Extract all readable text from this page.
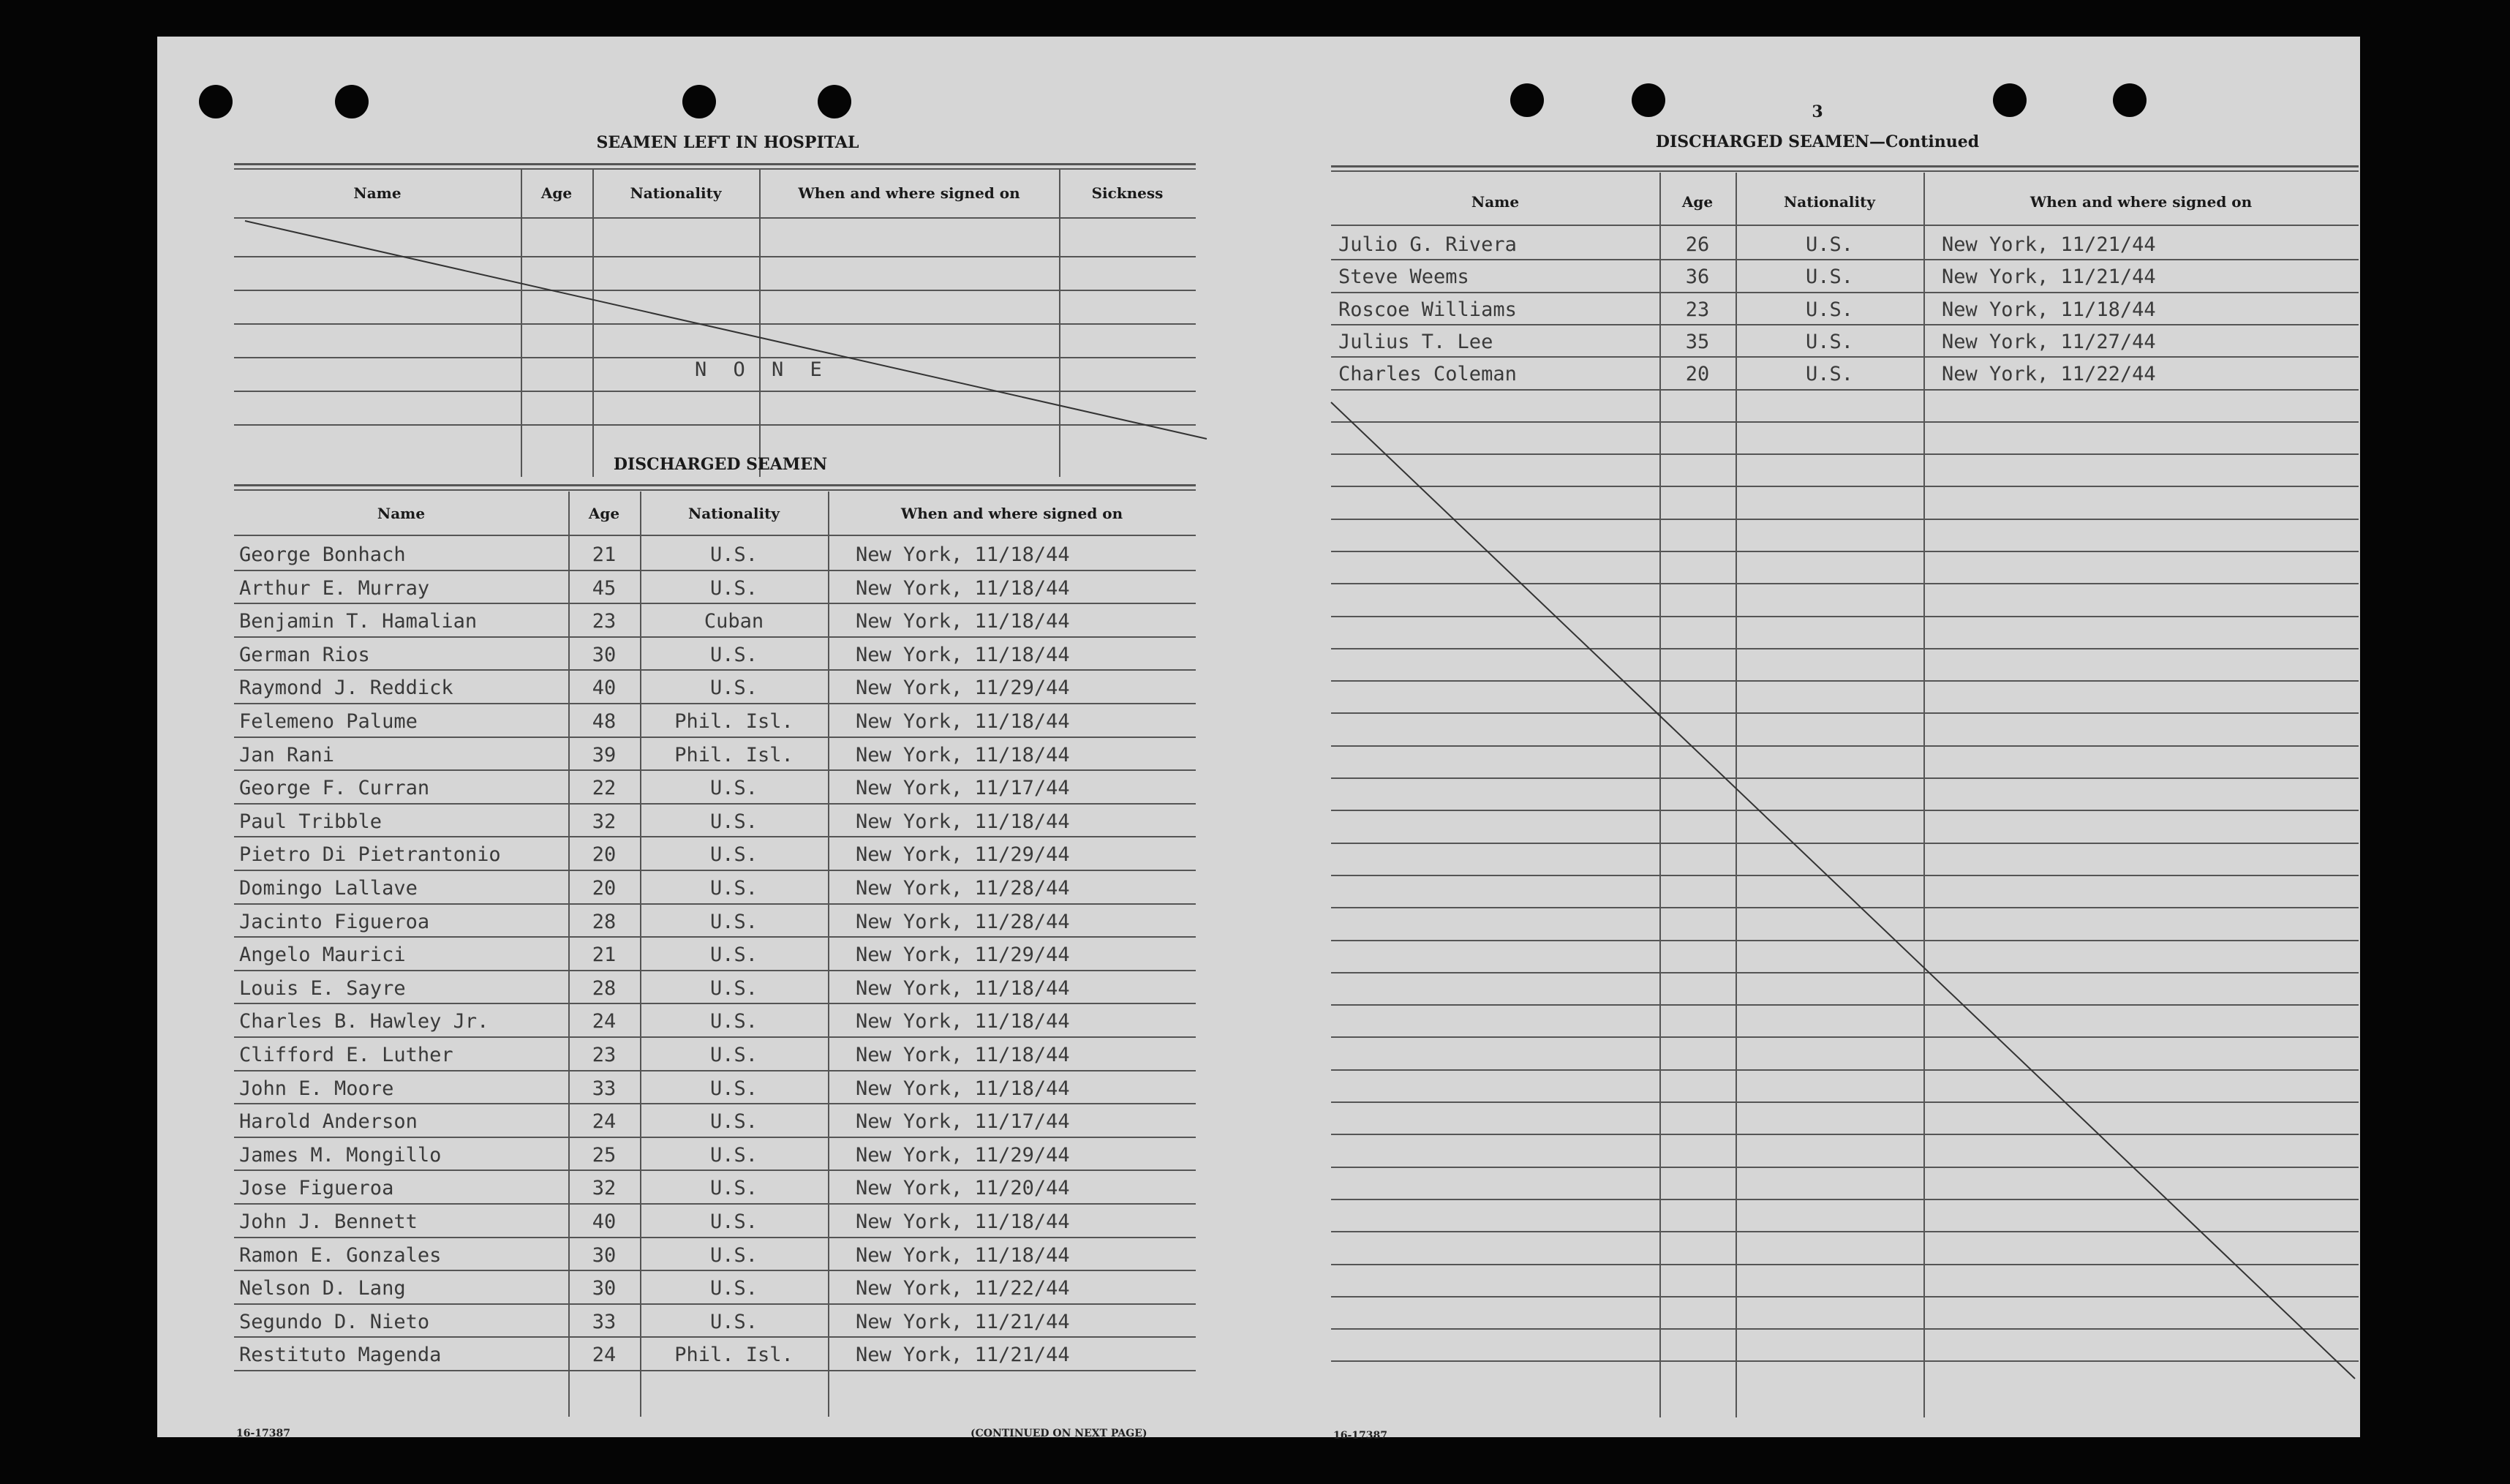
SEAMEN LEFT IN HOSPITAL
Name	Age	Nationality	When and where signed on	Sickness
N O N E
DISCHARGED SEAMEN
Name	Age	Nationality	When and where signed on
George Bonhach	21	U.S.	New York, 11/18/44
Arthur E. Murray	45	U.S.	New York, 11/18/44
Benjamin T. Hamalian	23	Cuban	New York, 11/18/44
German Rios	30	U.S.	New York, 11/18/44
Raymond J. Reddick	40	U.S.	New York, 11/29/44
Felemeno Palume	48	Phil. Isl.	New York, 11/18/44
Jan Rani	39	Phil. Isl.	New York, 11/18/44
George F. Curran	22	U.S.	New York, 11/17/44
Paul Tribble	32	U.S.	New York, 11/18/44
Pietro Di Pietrantonio	20	U.S.	New York, 11/29/44
Domingo Lallave	20	U.S.	New York, 11/28/44
Jacinto Figueroa	28	U.S.	New York, 11/28/44
Angelo Maurici	21	U.S.	New York, 11/29/44
Louis E. Sayre	28	U.S.	New York, 11/18/44
Charles B. Hawley Jr.	24	U.S.	New York, 11/18/44
Clifford E. Luther	23	U.S.	New York, 11/18/44
John E. Moore	33	U.S.	New York, 11/18/44
Harold Anderson	24	U.S.	New York, 11/17/44
James M. Mongillo	25	U.S.	New York, 11/29/44
Jose Figueroa	32	U.S.	New York, 11/20/44
John J. Bennett	40	U.S.	New York, 11/18/44
Ramon E. Gonzales	30	U.S.	New York, 11/18/44
Nelson D. Lang	30	U.S.	New York, 11/22/44
Segundo D. Nieto	33	U.S.	New York, 11/21/44
Restituto Magenda	24	Phil. Isl.	New York, 11/21/44
16-17387	(CONTINUED ON NEXT PAGE)
3
DISCHARGED SEAMEN—Continued
Name	Age	Nationality	When and where signed on
Julio G. Rivera	26	U.S.	New York, 11/21/44
Steve Weems	36	U.S.	New York, 11/21/44
Roscoe Williams	23	U.S.	New York, 11/18/44
Julius T. Lee	35	U.S.	New York, 11/27/44
Charles Coleman	20	U.S.	New York, 11/22/44
16-17387
